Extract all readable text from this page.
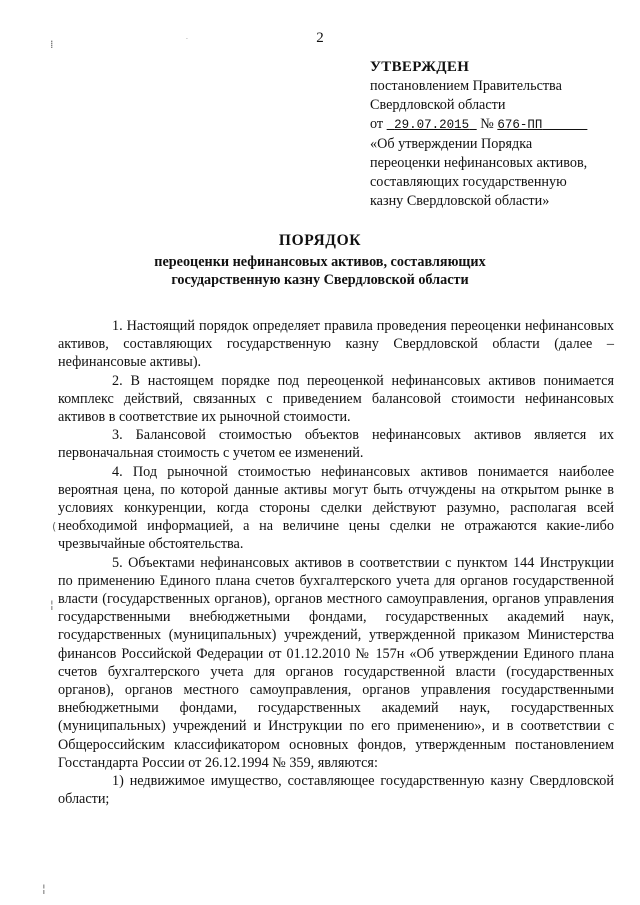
2
УТВЕРЖДЕН
постановлением Правительства
Свердловской области
от 29.07.2015 № 676-ПП
«Об утверждении Порядка
переоценки нефинансовых активов,
составляющих государственную
казну Свердловской области»
ПОРЯДОК
переоценки нефинансовых активов, составляющих
государственную казну Свердловской области

1. Настоящий порядок определяет правила проведения переоценки нефинансовых активов, составляющих государственную казну Свердловской области (далее – нефинансовые активы).

2. В настоящем порядке под переоценкой нефинансовых активов понимается комплекс действий, связанных с приведением балансовой стоимости нефинансовых активов в соответствие их рыночной стоимости.

3. Балансовой стоимостью объектов нефинансовых активов является их первоначальная стоимость с учетом ее изменений.

4. Под рыночной стоимостью нефинансовых активов понимается наиболее вероятная цена, по которой данные активы могут быть отчуждены на открытом рынке в условиях конкуренции, когда стороны сделки действуют разумно, располагая всей необходимой информацией, а на величине цены сделки не отражаются какие-либо чрезвычайные обстоятельства.

5. Объектами нефинансовых активов в соответствии с пунктом 144 Инструкции по применению Единого плана счетов бухгалтерского учета для органов государственной власти (государственных органов), органов местного самоуправления, органов управления государственными внебюджетными фондами, государственных академий наук, государственных (муниципальных) учреждений, утвержденной приказом Министерства финансов Российской Федерации от 01.12.2010 № 157н «Об утверждении Единого плана счетов бухгалтерского учета для органов государственной власти (государственных органов), органов местного самоуправления, органов управления государственными внебюджетными фондами, государственных академий наук, государственных (муниципальных) учреждений и Инструкции по его применению», и в соответствии с Общероссийским классификатором основных фондов, утвержденным постановлением Госстандарта России от 26.12.1994 № 359, являются:

1) недвижимое имущество, составляющее государственную казну Свердловской области;

⁞	·
(
¦
¦
